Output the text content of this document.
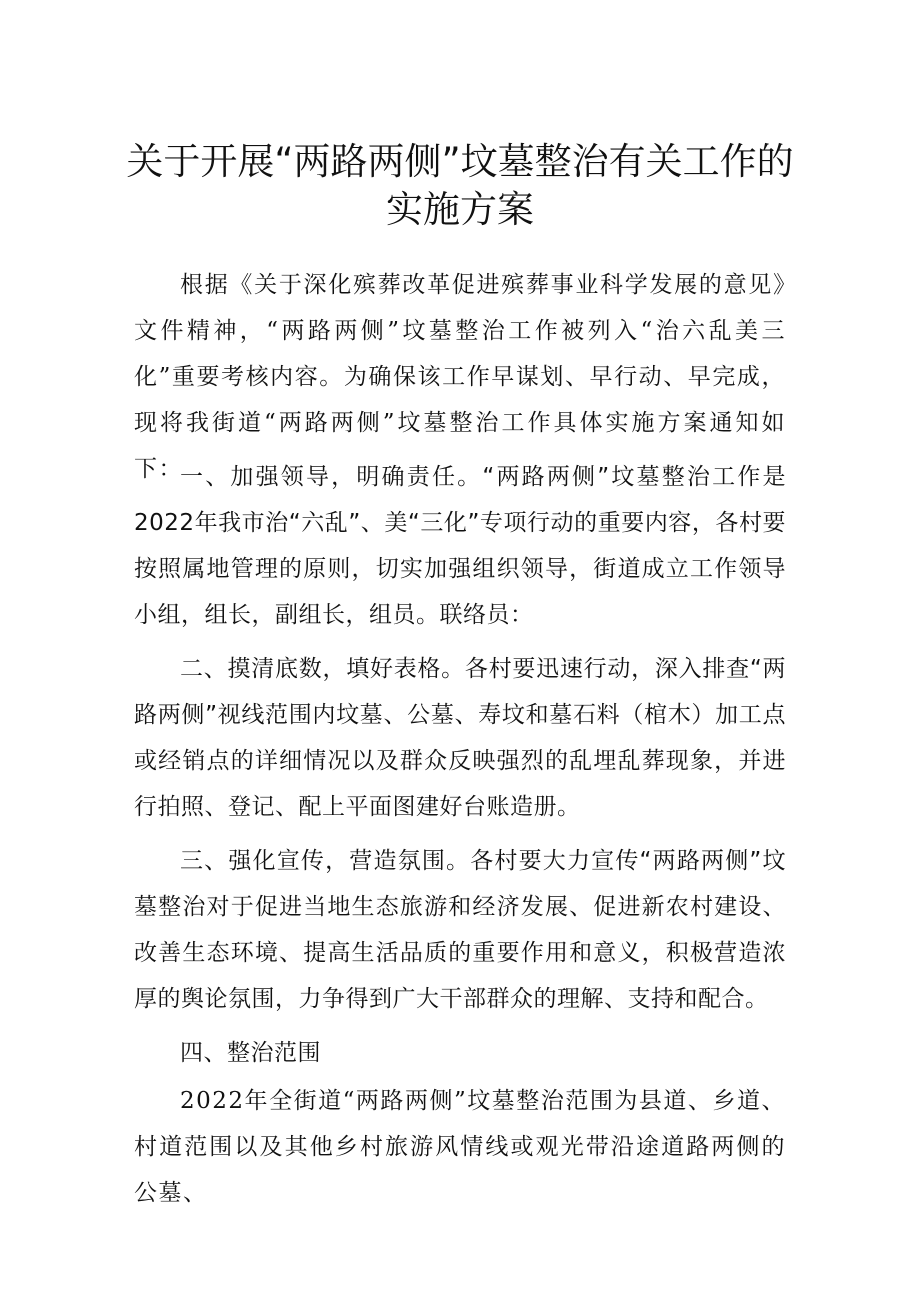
关于开展“两路两侧”坟墓整治有关工作的
实施方案

根据《关于深化殡葬改革促进殡葬事业科学发展的意见》文件精神，“两路两侧”坟墓整治工作被列入“治六乱美三化”重要考核内容。为确保该工作早谋划、早行动、早完成，现将我街道“两路两侧”坟墓整治工作具体实施方案通知如下：

一、加强领导，明确责任。“两路两侧”坟墓整治工作是2022年我市治“六乱”、美“三化”专项行动的重要内容，各村要按照属地管理的原则，切实加强组织领导，街道成立工作领导小组，组长，副组长，组员。联络员：

二、摸清底数，填好表格。各村要迅速行动，深入排查“两路两侧”视线范围内坟墓、公墓、寿坟和墓石料（棺木）加工点或经销点的详细情况以及群众反映强烈的乱埋乱葬现象，并进行拍照、登记、配上平面图建好台账造册。

三、强化宣传，营造氛围。各村要大力宣传“两路两侧”坟墓整治对于促进当地生态旅游和经济发展、促进新农村建设、改善生态环境、提高生活品质的重要作用和意义，积极营造浓厚的舆论氛围，力争得到广大干部群众的理解、支持和配合。

四、整治范围

2022年全街道“两路两侧”坟墓整治范围为县道、乡道、村道范围以及其他乡村旅游风情线或观光带沿途道路两侧的公墓、
